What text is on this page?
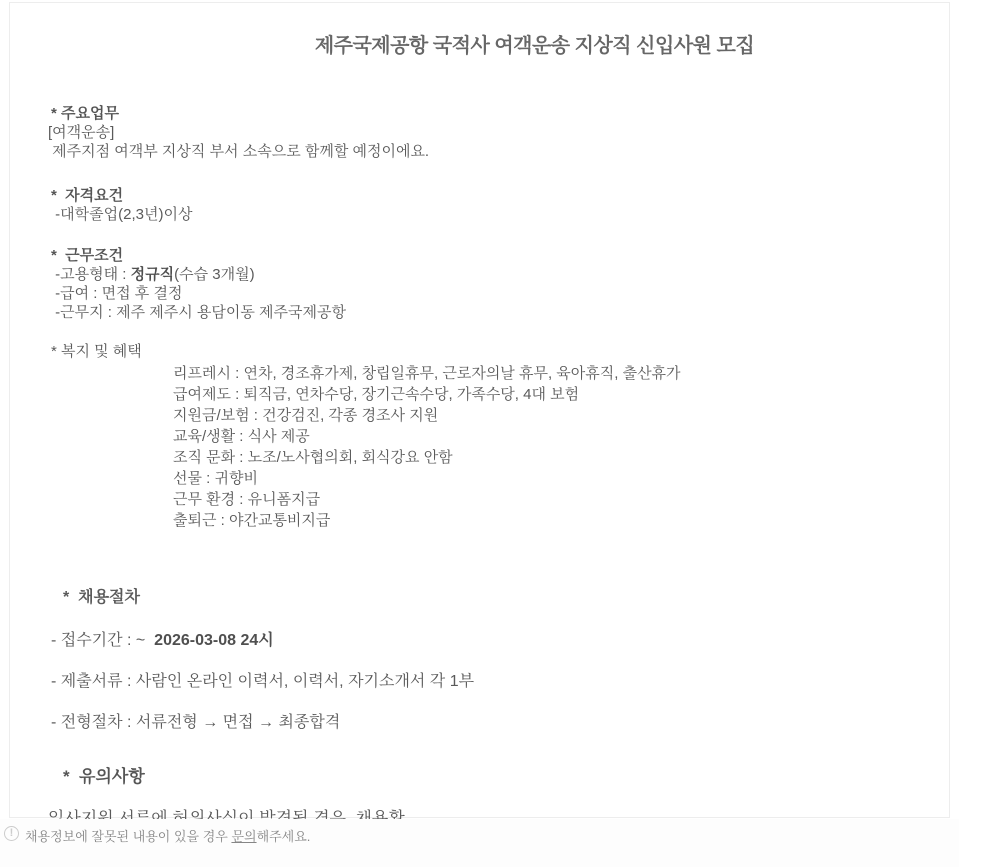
제주국제공항 국적사 여객운송 지상직 신입사원 모집
* 주요업무
[여객운송]
제주지점 여객부 지상직 부서 소속으로 함께할 예정이에요.
*  자격요건
-대학졸업(2,3년)이상
*  근무조건
-고용형태 : 정규직(수습 3개월)
-급여 : 면접 후 결정
-근무지 : 제주 제주시 용담이동 제주국제공항
* 복지 및 혜택
리프레시 : 연차, 경조휴가제, 창립일휴무, 근로자의날 휴무, 육아휴직, 출산휴가
급여제도 : 퇴직금, 연차수당, 장기근속수당, 가족수당, 4대 보험
지원금/보험 : 건강검진, 각종 경조사 지원
교육/생활 : 식사 제공
조직 문화 : 노조/노사협의회, 회식강요 안함
선물 : 귀향비
근무 환경 : 유니폼지급
출퇴근 : 야간교통비지급
*  채용절차
- 접수기간 : ~  2026-03-08 24시
- 제출서류 : 사람인 온라인 이력서, 이력서, 자기소개서 각 1부
- 전형절차 : 서류전형 → 면접 → 최종합격
*  유의사항
! 채용정보에 잘못된 내용이 있을 경우 문의해주세요.
